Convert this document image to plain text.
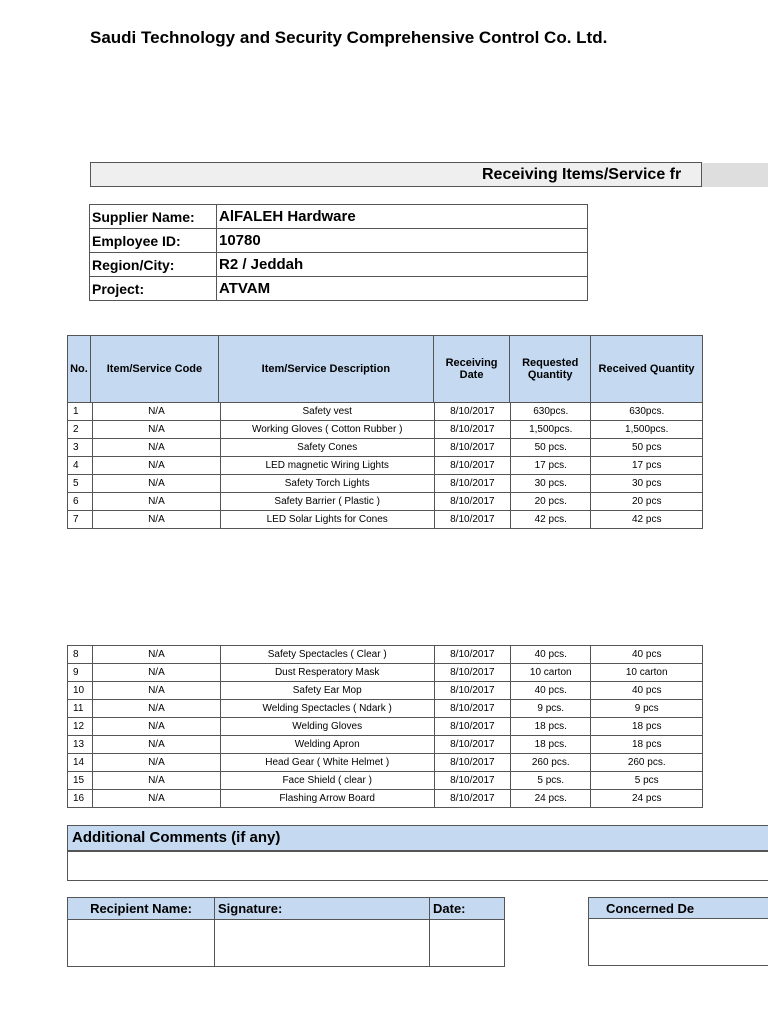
Saudi Technology and Security Comprehensive Control Co. Ltd.
Receiving Items/Service fr
Supplier Name:	AlFALEH Hardware
Employee ID:	10780
Region/City:	R2 / Jeddah
Project:	ATVAM
No.	Item/Service Code	Item/Service Description	Receiving Date	Requested Quantity	Received Quantity
1	N/A	Safety vest	8/10/2017	630pcs.	630pcs.
2	N/A	Working Gloves ( Cotton Rubber )	8/10/2017	1,500pcs.	1,500pcs.
3	N/A	Safety Cones	8/10/2017	50 pcs.	50 pcs
4	N/A	LED magnetic Wiring Lights	8/10/2017	17 pcs.	17 pcs
5	N/A	Safety Torch Lights	8/10/2017	30 pcs.	30 pcs
6	N/A	Safety Barrier ( Plastic )	8/10/2017	20 pcs.	20 pcs
7	N/A	LED Solar Lights for Cones	8/10/2017	42 pcs.	42 pcs
8	N/A	Safety Spectacles ( Clear )	8/10/2017	40 pcs.	40 pcs
9	N/A	Dust Resperatory Mask	8/10/2017	10 carton	10 carton
10	N/A	Safety Ear Mop	8/10/2017	40 pcs.	40 pcs
11	N/A	Welding Spectacles ( Ndark )	8/10/2017	9 pcs.	9 pcs
12	N/A	Welding Gloves	8/10/2017	18 pcs.	18 pcs
13	N/A	Welding Apron	8/10/2017	18 pcs.	18 pcs
14	N/A	Head Gear ( White Helmet )	8/10/2017	260 pcs.	260 pcs.
15	N/A	Face Shield ( clear )	8/10/2017	5 pcs.	5 pcs
16	N/A	Flashing Arrow Board	8/10/2017	24 pcs.	24 pcs
Additional Comments (if any)
Recipient Name:	Signature:	Date:
			Concerned De
